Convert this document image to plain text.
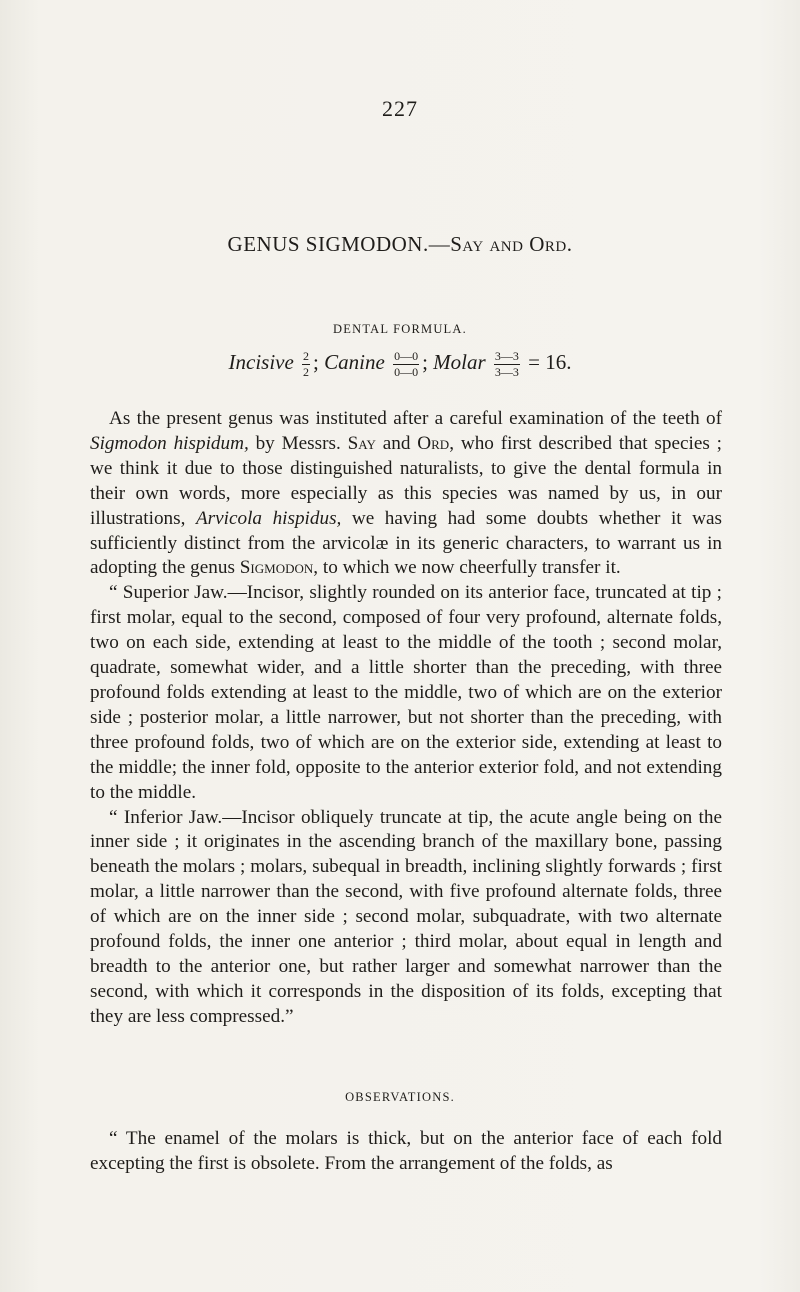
227
GENUS SIGMODON.—Say and Ord.
DENTAL FORMULA.
Incisive $\frac{2}{2}$ ; Canine $\frac{0—0}{0—0}$ ; Molar $\frac{3—3}{3—3} = 16$.

As the present genus was instituted after a careful examination of the teeth of Sigmodon hispidum, by Messrs. Say and Ord, who first described that species ; we think it due to those distinguished naturalists, to give the dental formula in their own words, more especially as this species was named by us, in our illustrations, Arvicola hispidus, we having had some doubts whether it was sufficiently distinct from the arvicolæ in its generic characters, to warrant us in adopting the genus Sigmodon, to which we now cheerfully transfer it.

“ Superior Jaw.—Incisor, slightly rounded on its anterior face, truncated at tip ; first molar, equal to the second, composed of four very profound, alternate folds, two on each side, extending at least to the middle of the tooth ; second molar, quadrate, somewhat wider, and a little shorter than the preceding, with three profound folds extending at least to the middle, two of which are on the exterior side ; posterior molar, a little narrower, but not shorter than the preceding, with three profound folds, two of which are on the exterior side, extending at least to the middle; the inner fold, opposite to the anterior exterior fold, and not extending to the middle.

“ Inferior Jaw.—Incisor obliquely truncate at tip, the acute angle being on the inner side ; it originates in the ascending branch of the maxillary bone, passing beneath the molars ; molars, subequal in breadth, inclining slightly forwards ; first molar, a little narrower than the second, with five profound alternate folds, three of which are on the inner side ; second molar, subquadrate, with two alternate profound folds, the inner one anterior ; third molar, about equal in length and breadth to the anterior one, but rather larger and somewhat narrower than the second, with which it corresponds in the disposition of its folds, excepting that they are less compressed.”

OBSERVATIONS.

“ The enamel of the molars is thick, but on the anterior face of each fold excepting the first is obsolete. From the arrangement of the folds, as
